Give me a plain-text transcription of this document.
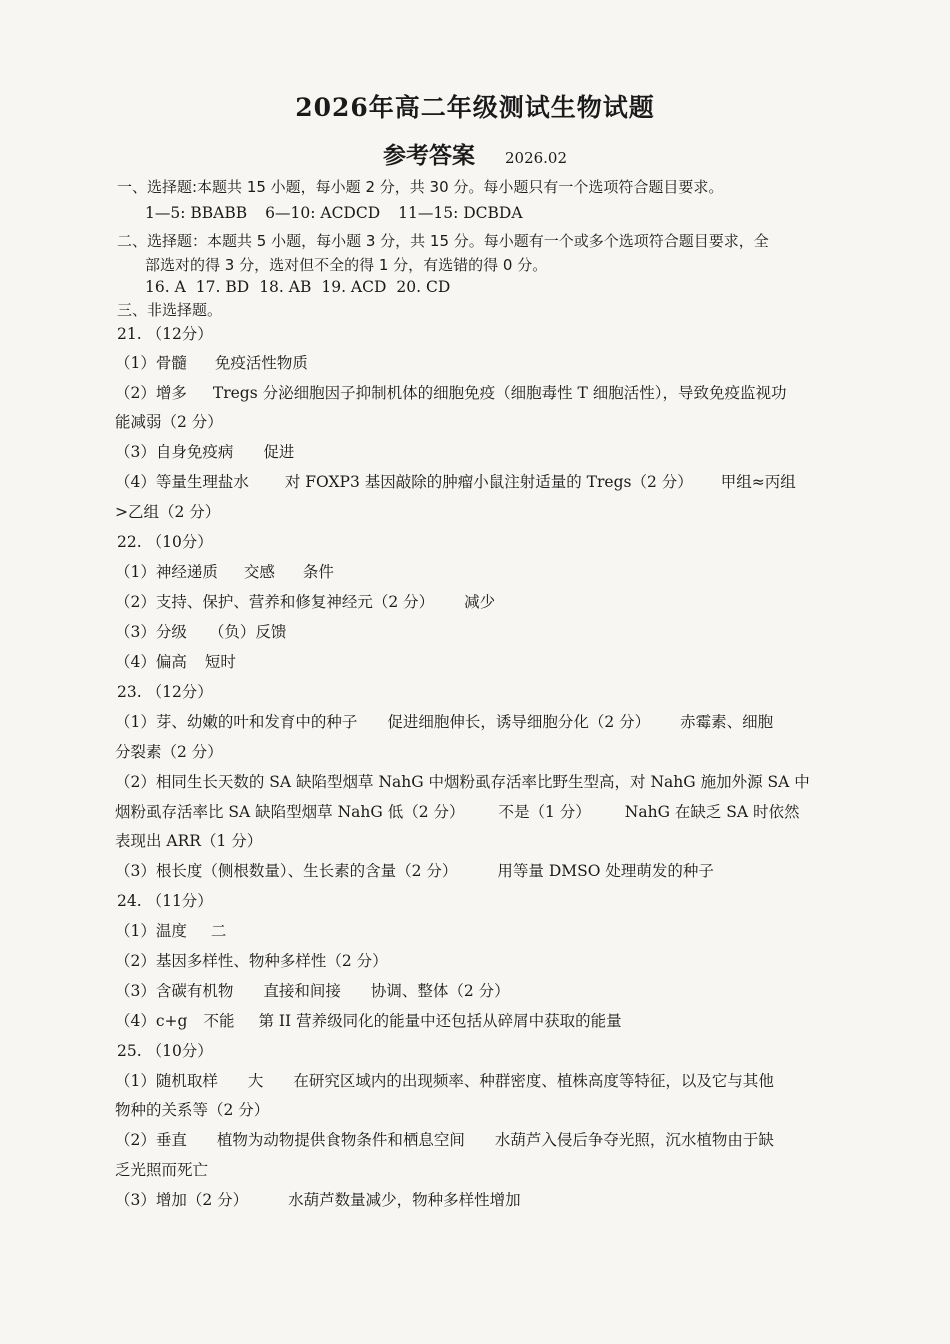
2026年高二年级测试生物试题
参考答案 2026.02
一、选择题:本题共 15 小题，每小题 2 分，共 30 分。每小题只有一个选项符合题目要求。
1—5: BBABB 6—10: ACDCD 11—15: DCBDA
二、选择题：本题共 5 小题，每小题 3 分，共 15 分。每小题有一个或多个选项符合题目要求，全
部选对的得 3 分，选对但不全的得 1 分，有选错的得 0 分。
16. A 17. BD 18. AB 19. ACD 20. CD
三、非选择题。
21. （12分）
（1）骨髓 免疫活性物质
（2）增多 Tregs 分泌细胞因子抑制机体的细胞免疫（细胞毒性 T 细胞活性），导致免疫监视功
能减弱（2 分）
（3）自身免疫病 促进
（4）等量生理盐水 对 FOXP3 基因敲除的肿瘤小鼠注射适量的 Tregs（2 分） 甲组≈丙组
>乙组（2 分）
22. （10分）
（1）神经递质 交感 条件
（2）支持、保护、营养和修复神经元（2 分） 减少
（3）分级 （负）反馈
（4）偏高 短时
23. （12分）
（1）芽、幼嫩的叶和发育中的种子 促进细胞伸长，诱导细胞分化（2 分） 赤霉素、细胞
分裂素（2 分）
（2）相同生长天数的 SA 缺陷型烟草 NahG 中烟粉虱存活率比野生型高，对 NahG 施加外源 SA 中
烟粉虱存活率比 SA 缺陷型烟草 NahG 低（2 分） 不是（1 分） NahG 在缺乏 SA 时依然
表现出 ARR（1 分）
（3）根长度（侧根数量）、生长素的含量（2 分）	用等量 DMSO 处理萌发的种子
24. （11分）
（1）温度 二
（2）基因多样性、物种多样性（2 分）
（3）含碳有机物 直接和间接 协调、整体（2 分）
（4）c+g 不能 第 II 营养级同化的能量中还包括从碎屑中获取的能量
25. （10分）
（1）随机取样 大 在研究区域内的出现频率、种群密度、植株高度等特征，以及它与其他
物种的关系等（2 分）
（2）垂直 植物为动物提供食物条件和栖息空间 水葫芦入侵后争夺光照，沉水植物由于缺
乏光照而死亡
（3）增加（2 分）	水葫芦数量减少，物种多样性增加
